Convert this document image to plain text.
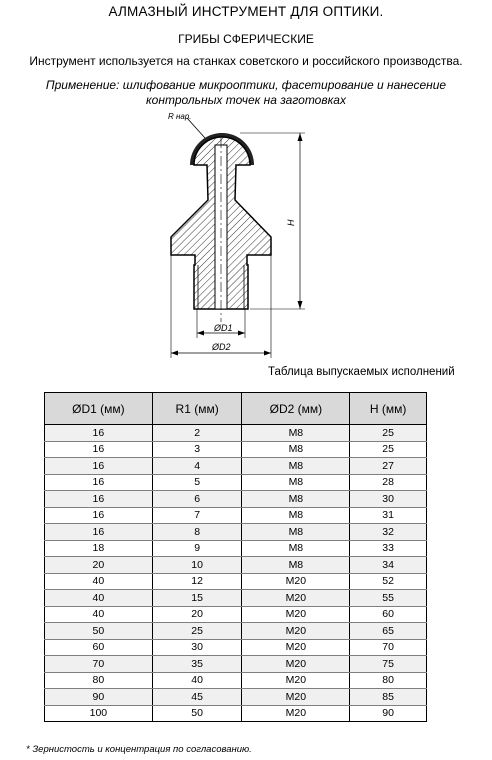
АЛМАЗНЫЙ ИНСТРУМЕНТ ДЛЯ ОПТИКИ.
ГРИБЫ СФЕРИЧЕСКИЕ
Инструмент используется на станках советского и российского производства.
Применение: шлифование микрооптики, фасетирование и нанесение
контрольных точек на заготовках
R нар.
H
ØD1
ØD2
Таблица выпускаемых исполнений
ØD1 (мм)	R1 (мм)	ØD2 (мм)	H (мм)
16	2	M8	25
16	3	M8	25
16	4	M8	27
16	5	M8	28
16	6	M8	30
16	7	M8	31
16	8	M8	32
18	9	M8	33
20	10	M8	34
40	12	M20	52
40	15	M20	55
40	20	M20	60
50	25	M20	65
60	30	M20	70
70	35	M20	75
80	40	M20	80
90	45	M20	85
100	50	M20	90
* Зернистость и концентрация по согласованию.
